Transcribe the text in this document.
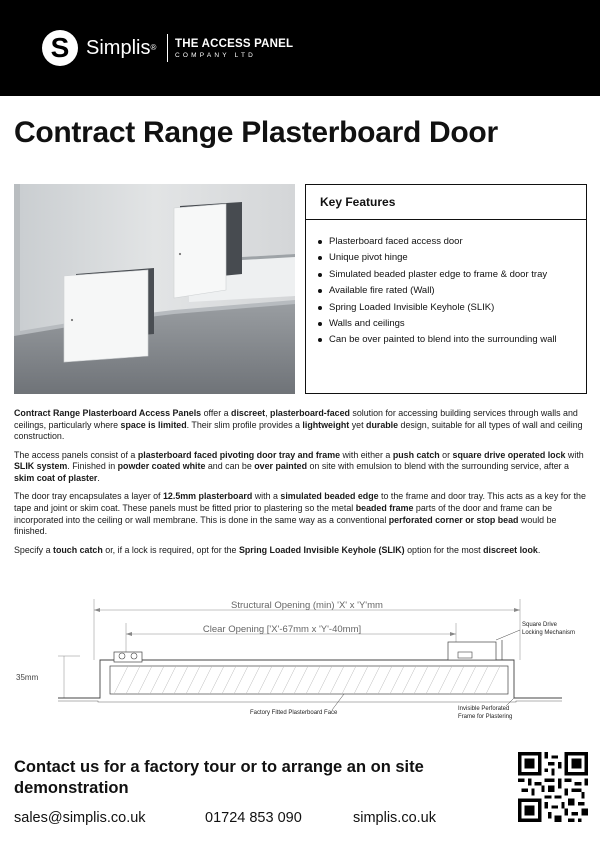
S Simplis® THE ACCESS PANEL
COMPANY LTD
Contract Range Plasterboard Door
Key Features
Plasterboard faced access door
Unique pivot hinge
Simulated beaded plaster edge to frame & door tray
Available fire rated (Wall)
Spring Loaded Invisible Keyhole (SLIK)
Walls and ceilings
Can be over painted to blend into the surrounding wall

Contract Range Plasterboard Access Panels offer a discreet, plasterboard-faced solution for accessing building services through walls and ceilings, particularly where space is limited. Their slim profile provides a lightweight yet durable design, suitable for all types of wall and ceiling construction.

The access panels consist of a plasterboard faced pivoting door tray and frame with either a push catch or square drive operated lock with SLIK system. Finished in powder coated white and can be over painted on site with emulsion to blend with the surrounding service, after a skim coat of plaster.

The door tray encapsulates a layer of 12.5mm plasterboard with a simulated beaded edge to the frame and door tray. This acts as a key for the tape and joint or skim coat. These panels must be fitted prior to plastering so the metal beaded frame parts of the door and frame can be incorporated into the ceiling or wall membrane. This is done in the same way as a conventional perforated corner or stop bead would be finished.

Specify a touch catch or, if a lock is required, opt for the Spring Loaded Invisible Keyhole (SLIK) option for the most discreet look.

Structural Opening (min) 'X' x 'Y'mm
Clear Opening ['X'-67mm x 'Y'-40mm]
35mm
Square Drive
Locking Mechanism
Factory Fitted Plasterboard Face
Invisible Perforated
Frame for Plastering
Contact us for a factory tour or to arrange an on site demonstration
sales@simplis.co.uk	01724 853 090	simplis.co.uk
